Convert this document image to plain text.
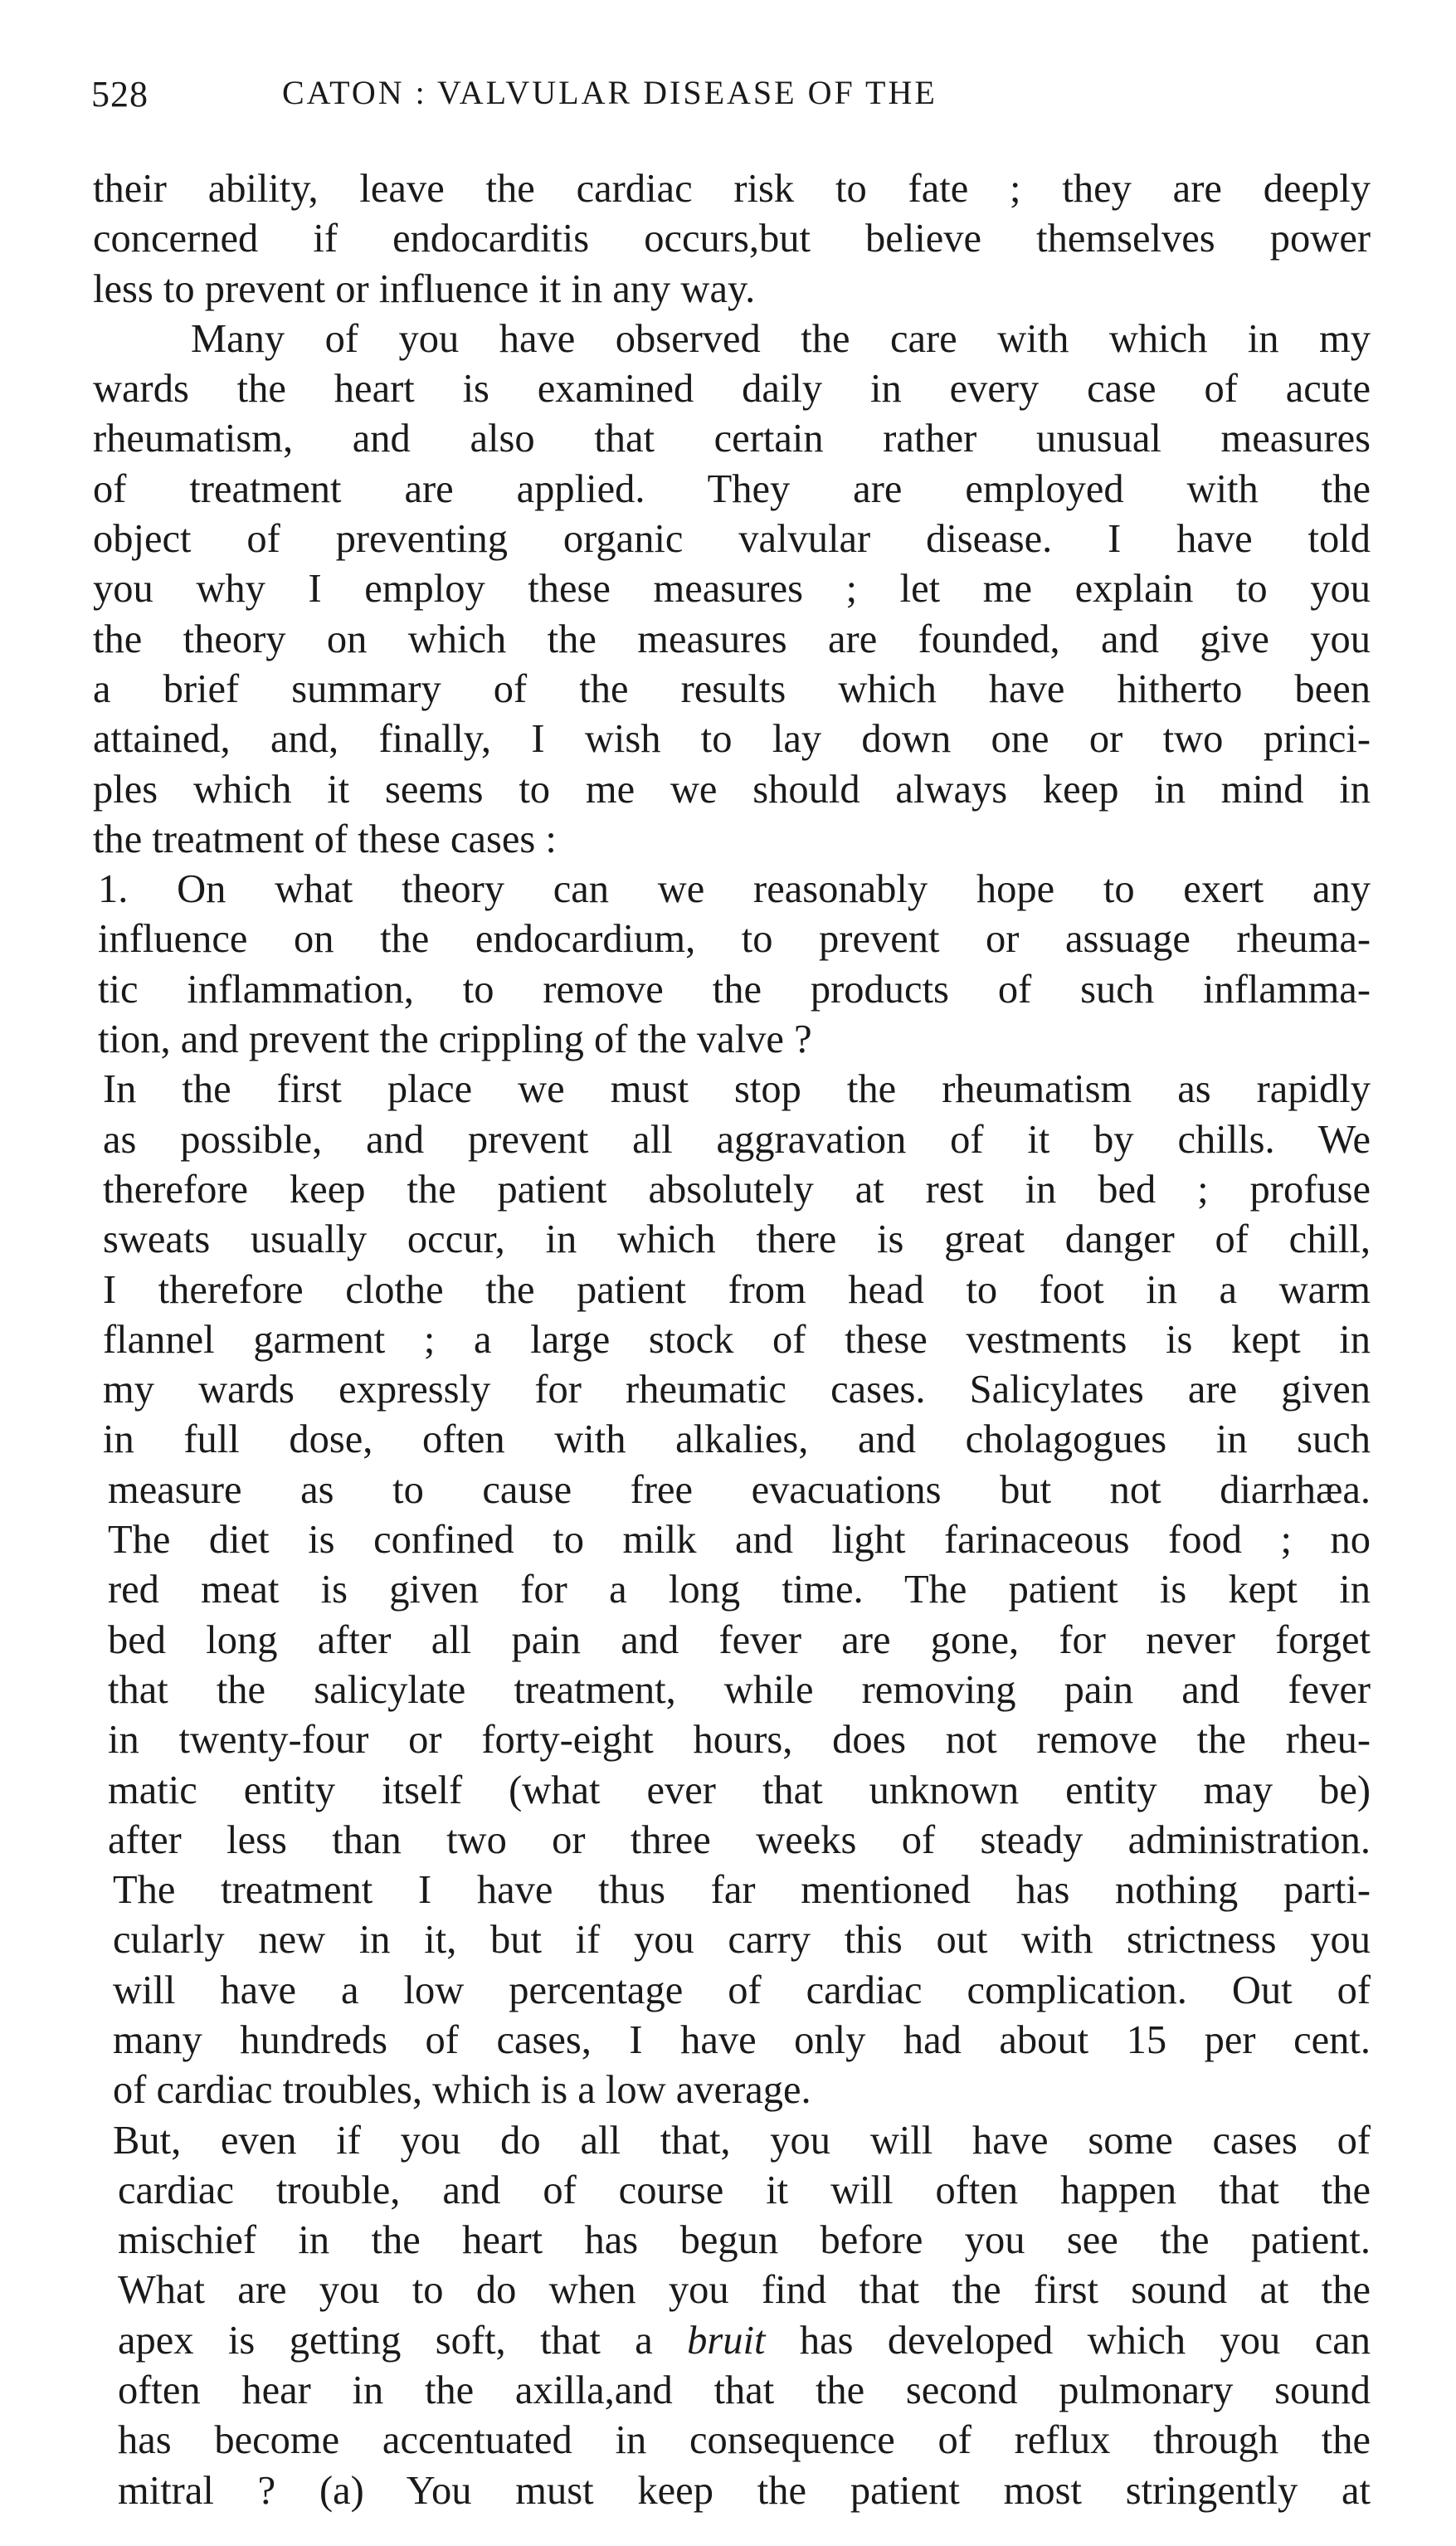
528	CATON : VALVULAR DISEASE OF THE
their ability, leave the cardiac risk to fate ; they are deeply
concerned if endocarditis occurs,but believe themselves power
less to prevent or influence it in any way.
Many of you have observed the care with which in my
wards the heart is examined daily in every case of acute
rheumatism, and also that certain rather unusual measures
of treatment are applied. They are employed with the
object of preventing organic valvular disease. I have told
you why I employ these measures ; let me explain to you
the theory on which the measures are founded, and give you
a brief summary of the results which have hitherto been
attained, and, finally, I wish to lay down one or two princi-
ples which it seems to me we should always keep in mind in
the treatment of these cases :
1. On what theory can we reasonably hope to exert any
influence on the endocardium, to prevent or assuage rheuma-
tic inflammation, to remove the products of such inflamma-
tion, and prevent the crippling of the valve ?
In the first place we must stop the rheumatism as rapidly
as possible, and prevent all aggravation of it by chills. We
therefore keep the patient absolutely at rest in bed ; profuse
sweats usually occur, in which there is great danger of chill,
I therefore clothe the patient from head to foot in a warm
flannel garment ; a large stock of these vestments is kept in
my wards expressly for rheumatic cases. Salicylates are given
in full dose, often with alkalies, and cholagogues in such
measure as to cause free evacuations but not diarrhæa.
The diet is confined to milk and light farinaceous food ; no
red meat is given for a long time. The patient is kept in
bed long after all pain and fever are gone, for never forget
that the salicylate treatment, while removing pain and fever
in twenty-four or forty-eight hours, does not remove the rheu-
matic entity itself (what ever that unknown entity may be)
after less than two or three weeks of steady administration.
The treatment I have thus far mentioned has nothing parti-
cularly new in it, but if you carry this out with strictness you
will have a low percentage of cardiac complication. Out of
many hundreds of cases, I have only had about 15 per cent.
of cardiac troubles, which is a low average.
But, even if you do all that, you will have some cases of
cardiac trouble, and of course it will often happen that the
mischief in the heart has begun before you see the patient.
What are you to do when you find that the first sound at the
apex is getting soft, that a bruit has developed which you can
often hear in the axilla,and that the second pulmonary sound
has become accentuated in consequence of reflux through the
mitral ? (a) You must keep the patient most stringently at
